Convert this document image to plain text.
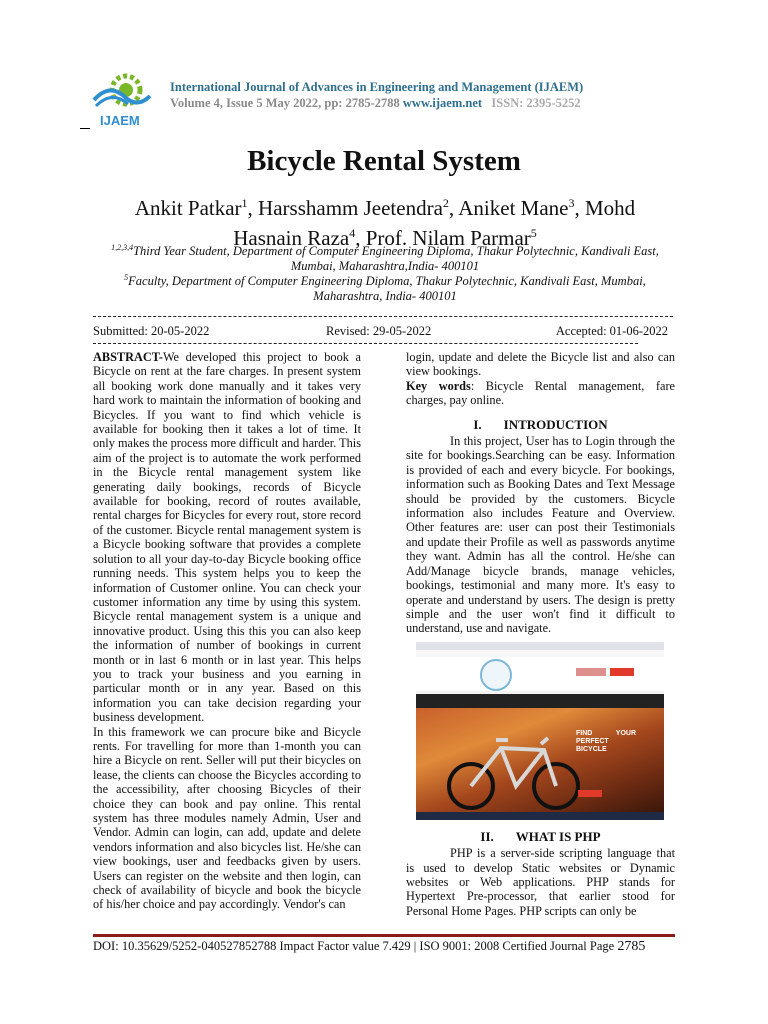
IJAEM
International Journal of Advances in Engineering and Management (IJAEM)
Volume 4, Issue 5 May 2022, pp: 2785-2788 www.ijaem.net ISSN: 2395-5252
Bicycle Rental System
Ankit Patkar$^1$, Harsshamm Jeetendra$^2$, Aniket Mane$^3$, Mohd
Hasnain Raza$^4$, Prof. Nilam Parmar$^5$
$^{1,2,3,4}$Third Year Student, Department of Computer Engineering Diploma, Thakur Polytechnic, Kandivali East, Mumbai, Maharashtra,India- 400101
$^5$Faculty, Department of Computer Engineering Diploma, Thakur Polytechnic, Kandivali East, Mumbai, Maharashtra, India- 400101
Submitted: 20-05-2022	Revised: 29-05-2022	Accepted: 01-06-2022

ABSTRACT-We developed this project to book a Bicycle on rent at the fare charges. In present system all booking work done manually and it takes very hard work to maintain the information of booking and Bicycles. If you want to find which vehicle is available for booking then it takes a lot of time. It only makes the process more difficult and harder. This aim of the project is to automate the work performed in the Bicycle rental management system like generating daily bookings, records of Bicycle available for booking, record of routes available, rental charges for Bicycles for every rout, store record of the customer. Bicycle rental management system is a Bicycle booking software that provides a complete solution to all your day-to-day Bicycle booking office running needs. This system helps you to keep the information of Customer online. You can check your customer information any time by using this system. Bicycle rental management system is a unique and innovative product. Using this this you can also keep the information of number of bookings in current month or in last 6 month or in last year. This helps you to track your business and you earning in particular month or in any year. Based on this information you can take decision regarding your business development.

In this framework we can procure bike and Bicycle rents. For travelling for more than 1-month you can hire a Bicycle on rent. Seller will put their bicycles on lease, the clients can choose the Bicycles according to the accessibility, after choosing Bicycles of their choice they can book and pay online. This rental system has three modules namely Admin, User and Vendor. Admin can login, can add, update and delete vendors information and also bicycles list. He/she can view bookings, user and feedbacks given by users. Users can register on the website and then login, can check of availability of bicycle and book the bicycle of his/her choice and pay accordingly. Vendor's can

login, update and delete the Bicycle list and also can view bookings.

Key words: Bicycle Rental management, fare charges, pay online.

I. INTRODUCTION

In this project, User has to Login through the site for bookings.Searching can be easy. Information is provided of each and every bicycle. For bookings, information such as Booking Dates and Text Message should be provided by the customers. Bicycle information also includes Feature and Overview. Other features are: user can post their Testimonials and update their Profile as well as passwords anytime they want. Admin has all the control. He/she can Add/Manage bicycle brands, manage vehicles, bookings, testimonial and many more. It's easy to operate and understand by users. The design is pretty simple and the user won't find it difficult to understand, use and navigate.

FIND YOUR PERFECT BICYCLE
II. WHAT IS PHP

PHP is a server-side scripting language that is used to develop Static websites or Dynamic websites or Web applications. PHP stands for Hypertext Pre-processor, that earlier stood for Personal Home Pages. PHP scripts can only be

DOI: 10.35629/5252-040527852788 Impact Factor value 7.429 | ISO 9001: 2008 Certified Journal Page 2785
